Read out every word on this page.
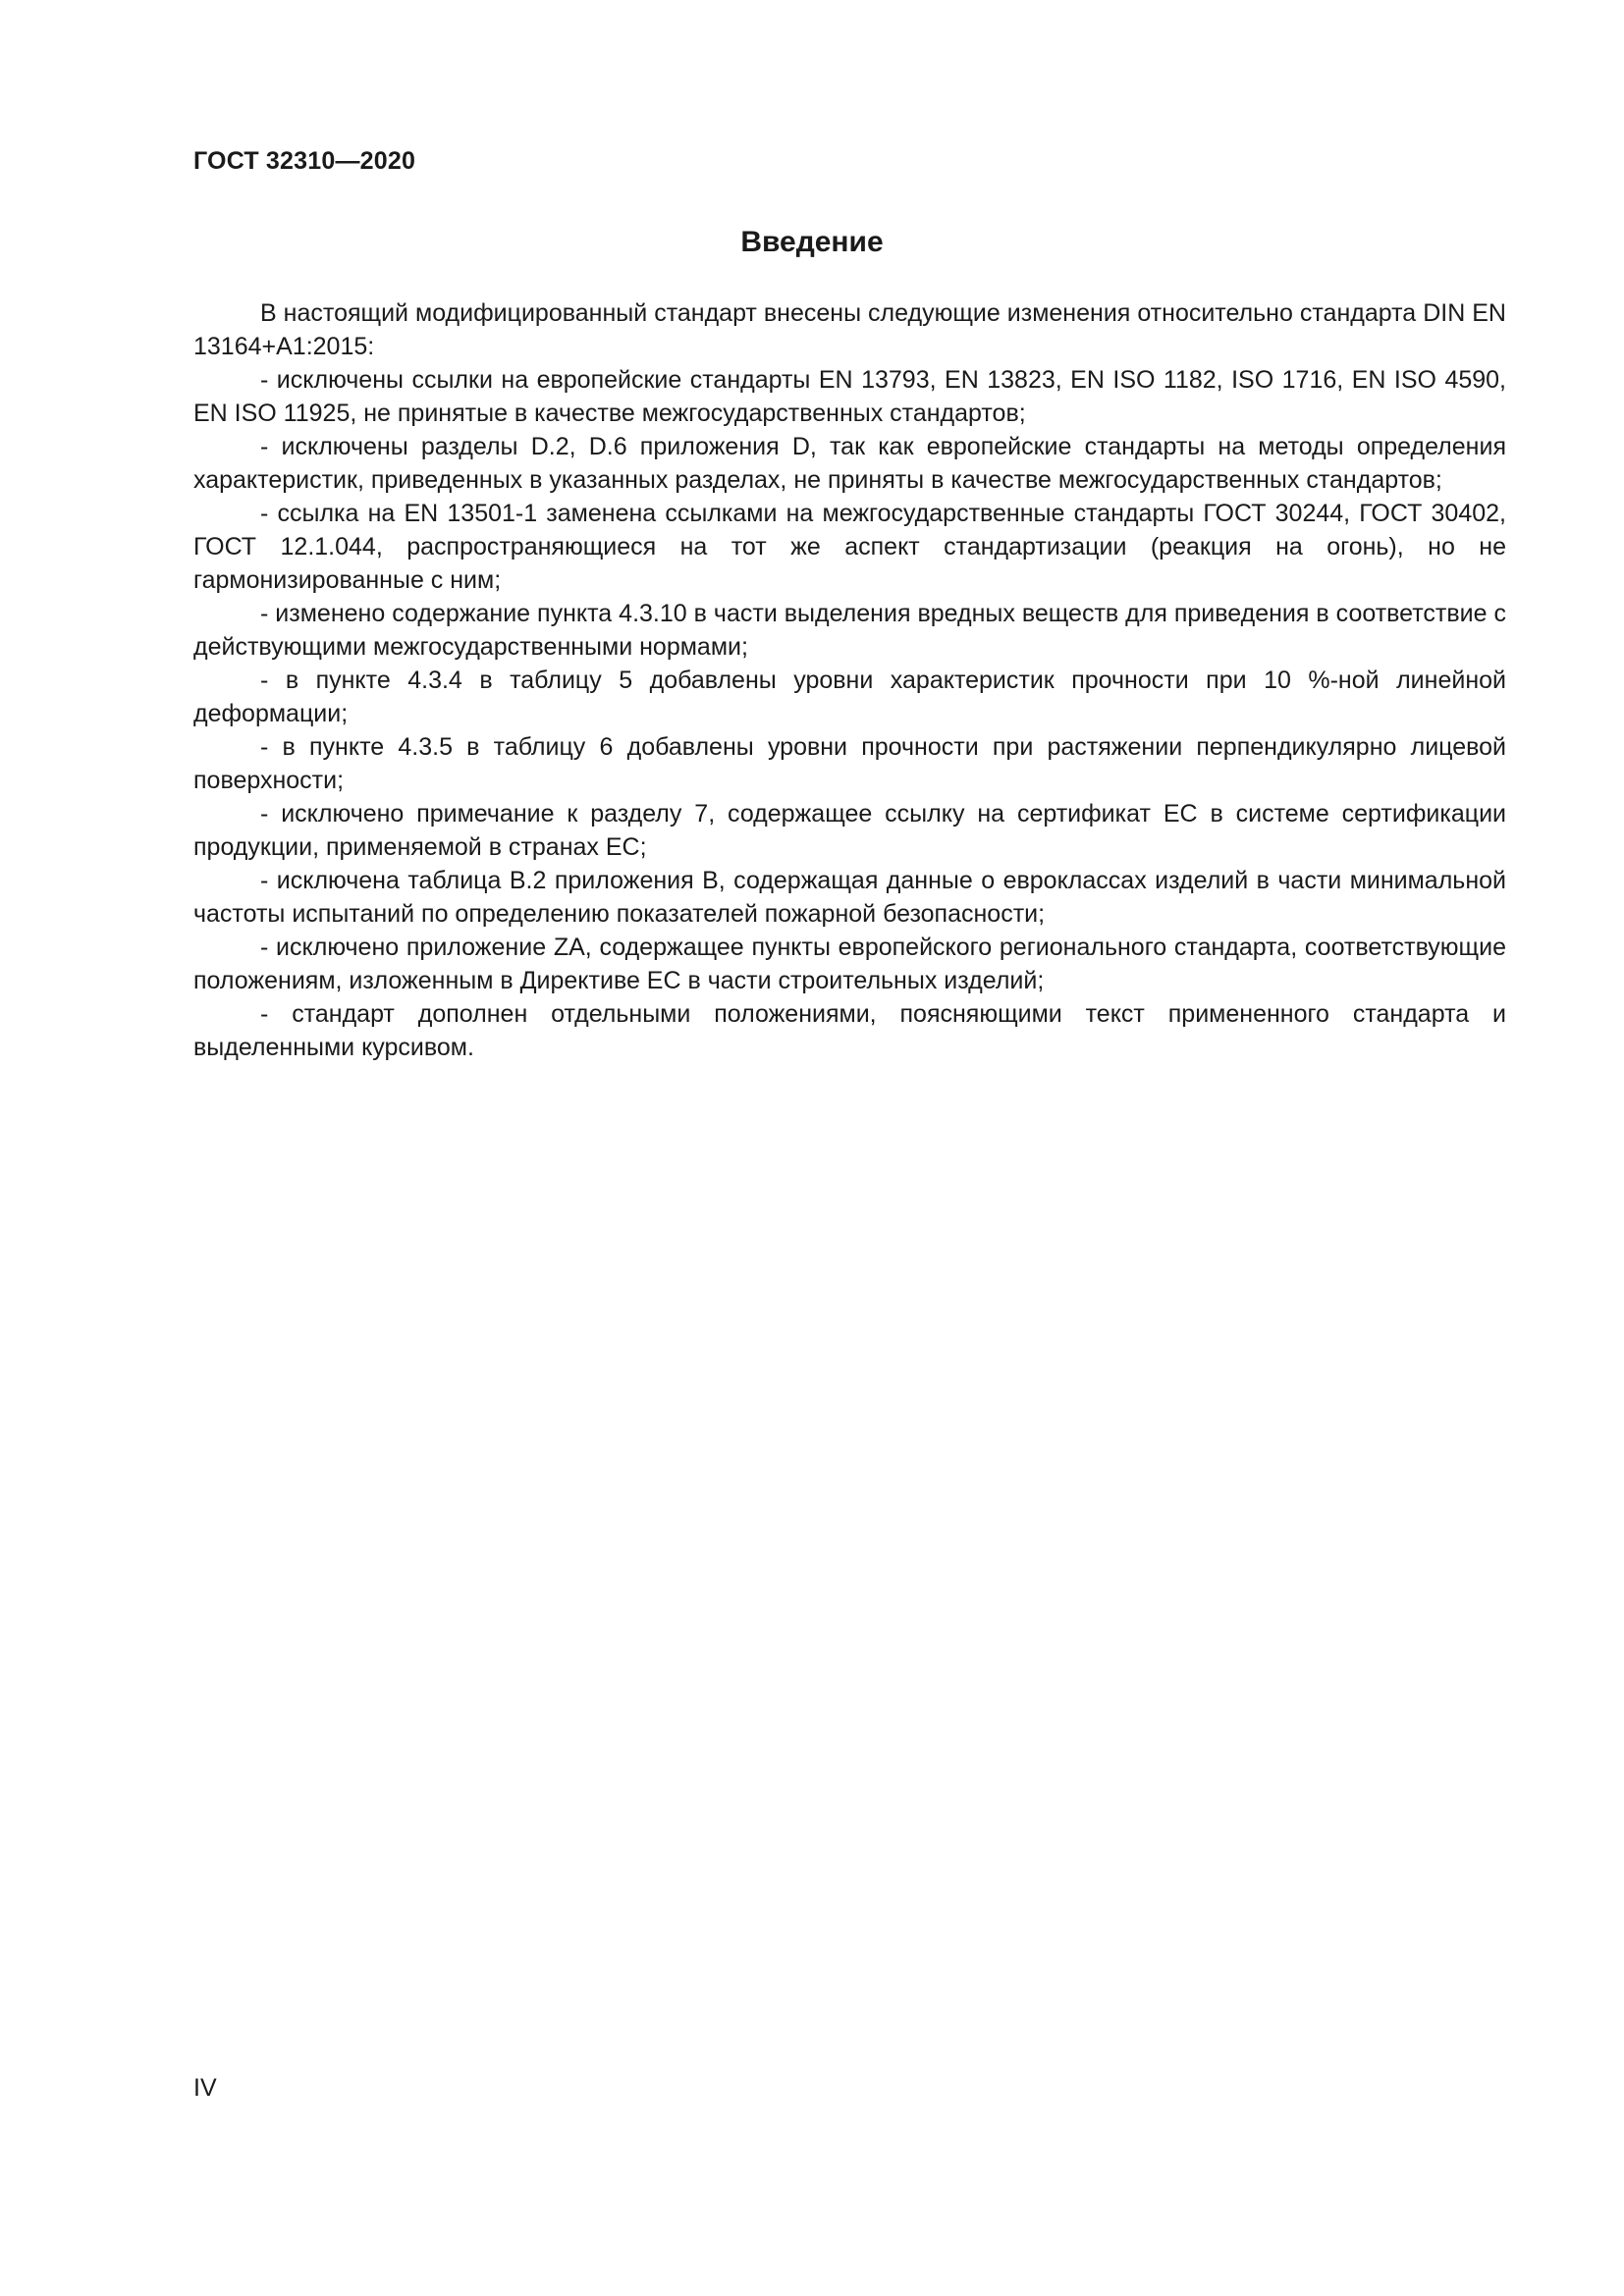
ГОСТ 32310—2020
Введение

В настоящий модифицированный стандарт внесены следующие изменения относительно стандарта DIN EN 13164+A1:2015:

- исключены ссылки на европейские стандарты EN 13793, EN 13823, EN ISO 1182, ISO 1716, EN ISO 4590, EN ISO 11925, не принятые в качестве межгосударственных стандартов;

- исключены разделы D.2, D.6 приложения D, так как европейские стандарты на методы определения характеристик, приведенных в указанных разделах, не приняты в качестве межгосударственных стандартов;

- ссылка на EN 13501-1 заменена ссылками на межгосударственные стандарты ГОСТ 30244, ГОСТ 30402, ГОСТ 12.1.044, распространяющиеся на тот же аспект стандартизации (реакция на огонь), но не гармонизированные с ним;

- изменено содержание пункта 4.3.10 в части выделения вредных веществ для приведения в соответствие с действующими межгосударственными нормами;

- в пункте 4.3.4 в таблицу 5 добавлены уровни характеристик прочности при 10 %-ной линейной деформации;

- в пункте 4.3.5 в таблицу 6 добавлены уровни прочности при растяжении перпендикулярно лицевой поверхности;

- исключено примечание к разделу 7, содержащее ссылку на сертификат ЕС в системе сертификации продукции, применяемой в странах ЕС;

- исключена таблица В.2 приложения В, содержащая данные о евроклассах изделий в части минимальной частоты испытаний по определению показателей пожарной безопасности;

- исключено приложение ZA, содержащее пункты европейского регионального стандарта, соответствующие положениям, изложенным в Директиве ЕС в части строительных изделий;

- стандарт дополнен отдельными положениями, поясняющими текст примененного стандарта и выделенными курсивом.

IV
